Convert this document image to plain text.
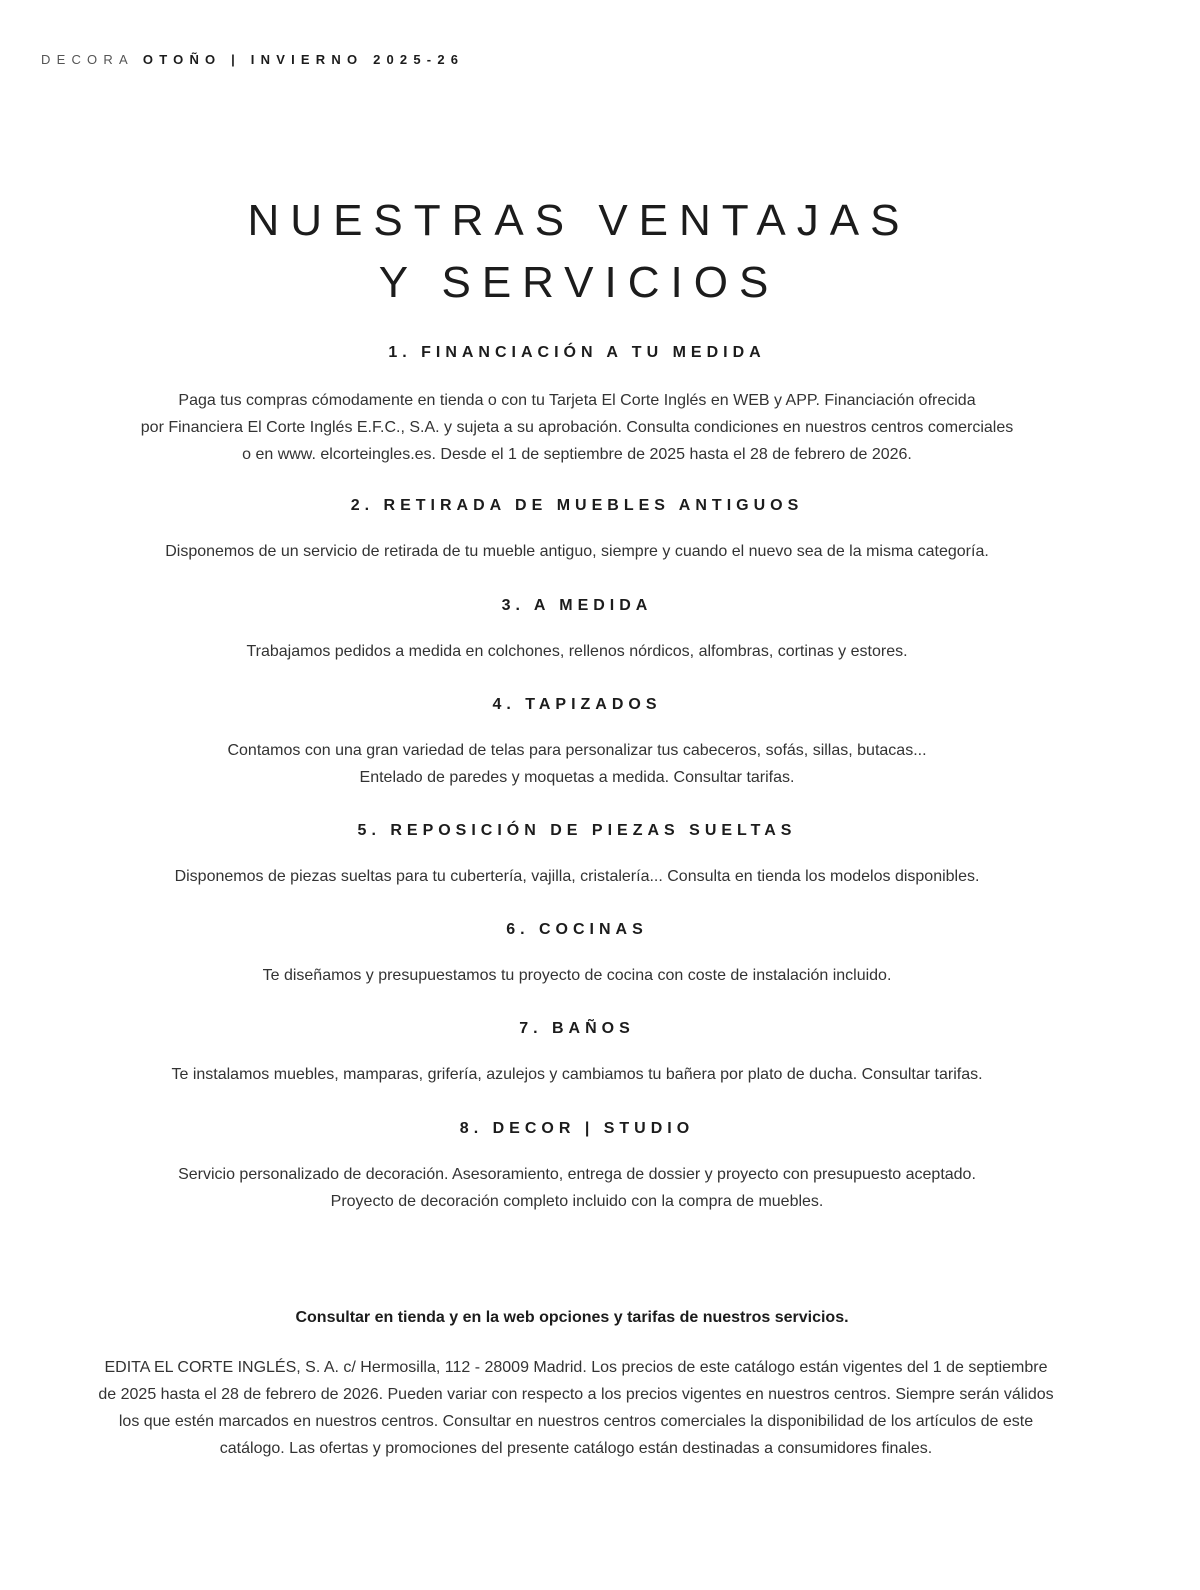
DECORA OTOÑO | INVIERNO 2025-26
NUESTRAS VENTAJAS
Y SERVICIOS
1. FINANCIACIÓN A TU MEDIDA
Paga tus compras cómodamente en tienda o con tu Tarjeta El Corte Inglés en WEB y APP. Financiación ofrecida
por Financiera El Corte Inglés E.F.C., S.A. y sujeta a su aprobación. Consulta condiciones en nuestros centros comerciales
o en www. elcorteingles.es. Desde el 1 de septiembre de 2025 hasta el 28 de febrero de 2026.
2. RETIRADA DE MUEBLES ANTIGUOS
Disponemos de un servicio de retirada de tu mueble antiguo, siempre y cuando el nuevo sea de la misma categoría.
3. A MEDIDA
Trabajamos pedidos a medida en colchones, rellenos nórdicos, alfombras, cortinas y estores.
4. TAPIZADOS
Contamos con una gran variedad de telas para personalizar tus cabeceros, sofás, sillas, butacas...
Entelado de paredes y moquetas a medida. Consultar tarifas.
5. REPOSICIÓN DE PIEZAS SUELTAS
Disponemos de piezas sueltas para tu cubertería, vajilla, cristalería... Consulta en tienda los modelos disponibles.
6. COCINAS
Te diseñamos y presupuestamos tu proyecto de cocina con coste de instalación incluido.
7. BAÑOS
Te instalamos muebles, mamparas, grifería, azulejos y cambiamos tu bañera por plato de ducha. Consultar tarifas.
8. DECOR | STUDIO
Servicio personalizado de decoración. Asesoramiento, entrega de dossier y proyecto con presupuesto aceptado.
Proyecto de decoración completo incluido con la compra de muebles.
Consultar en tienda y en la web opciones y tarifas de nuestros servicios.
EDITA EL CORTE INGLÉS, S. A. c/ Hermosilla, 112 - 28009 Madrid. Los precios de este catálogo están vigentes del 1 de septiembre
de 2025 hasta el 28 de febrero de 2026. Pueden variar con respecto a los precios vigentes en nuestros centros. Siempre serán válidos
los que estén marcados en nuestros centros. Consultar en nuestros centros comerciales la disponibilidad de los artículos de este
catálogo. Las ofertas y promociones del presente catálogo están destinadas a consumidores finales.
